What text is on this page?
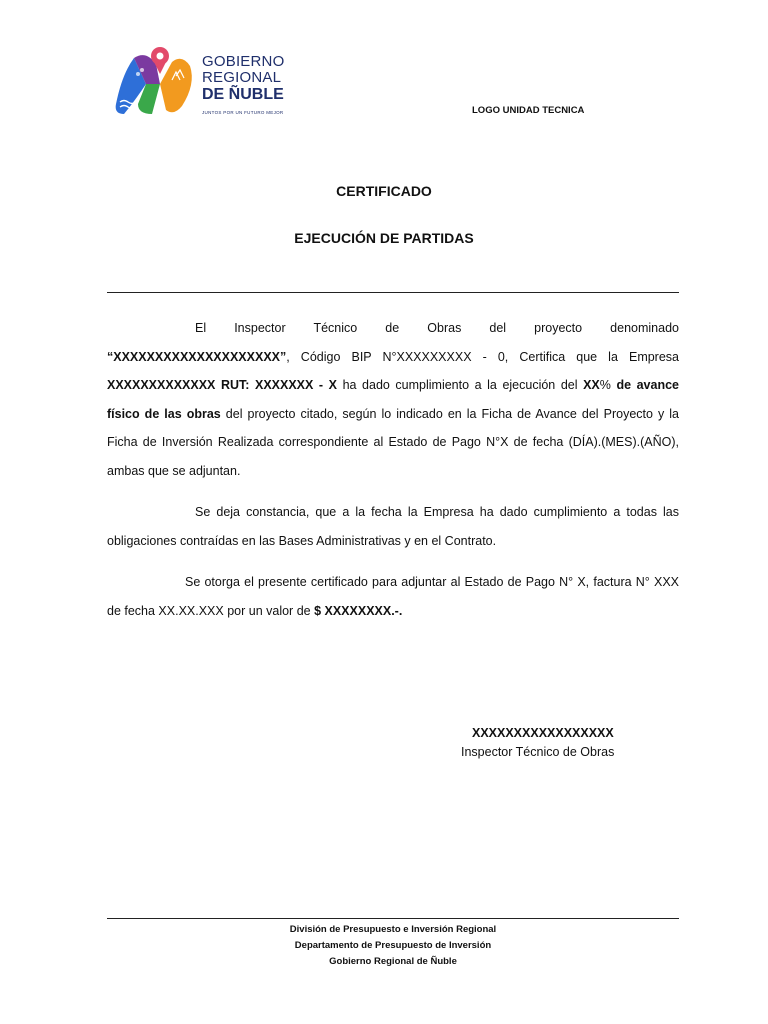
GOBIERNO
REGIONAL
DE ÑUBLE
JUNTOS POR UN FUTURO MEJOR	LOGO UNIDAD TECNICA
CERTIFICADO
EJECUCIÓN DE PARTIDAS

El Inspector Técnico de Obras del proyecto denominado “XXXXXXXXXXXXXXXXXXXX”, Código BIP N°XXXXXXXXX - 0, Certifica que la Empresa XXXXXXXXXXXXX RUT: XXXXXXX - X ha dado cumplimiento a la ejecución del XX% de avance físico de las obras del proyecto citado, según lo indicado en la Ficha de Avance del Proyecto y la Ficha de Inversión Realizada correspondiente al Estado de Pago N°X de fecha (DÍA).(MES).(AÑO), ambas que se adjuntan.

Se deja constancia, que a la fecha la Empresa ha dado cumplimiento a todas las obligaciones contraídas en las Bases Administrativas y en el Contrato.

Se otorga el presente certificado para adjuntar al Estado de Pago N° X, factura N° XXX de fecha XX.XX.XXX por un valor de $ XXXXXXXX.-.

XXXXXXXXXXXXXXXXX
Inspector Técnico de Obras
División de Presupuesto e Inversión Regional
Departamento de Presupuesto de Inversión
Gobierno Regional de Ñuble
